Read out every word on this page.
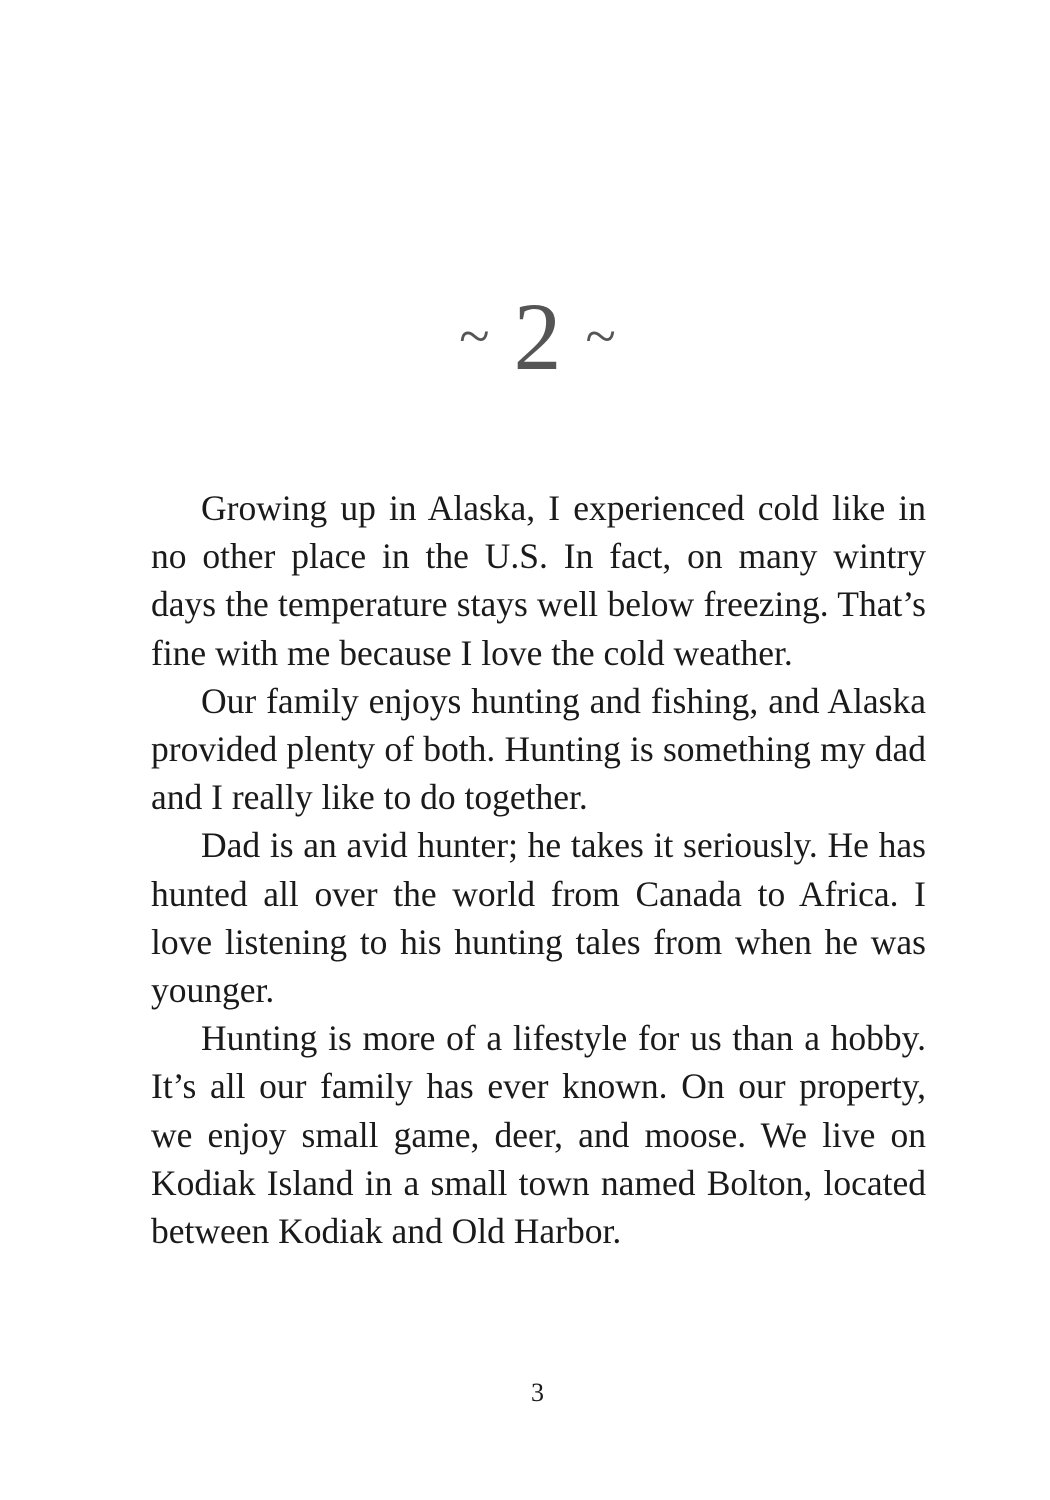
~ 2 ~

Growing up in Alaska, I experienced cold like in no other place in the U.S. In fact, on many wintry days the temperature stays well below freezing. That’s fine with me because I love the cold weather.

Our family enjoys hunting and fishing, and Alaska provided plenty of both. Hunting is something my dad and I really like to do together.

Dad is an avid hunter; he takes it seriously. He has hunted all over the world from Canada to Africa. I love listening to his hunting tales from when he was younger.

Hunting is more of a lifestyle for us than a hobby. It’s all our family has ever known. On our property, we enjoy small game, deer, and moose. We live on Kodiak Island in a small town named Bolton, located between Kodiak and Old Harbor.

3
